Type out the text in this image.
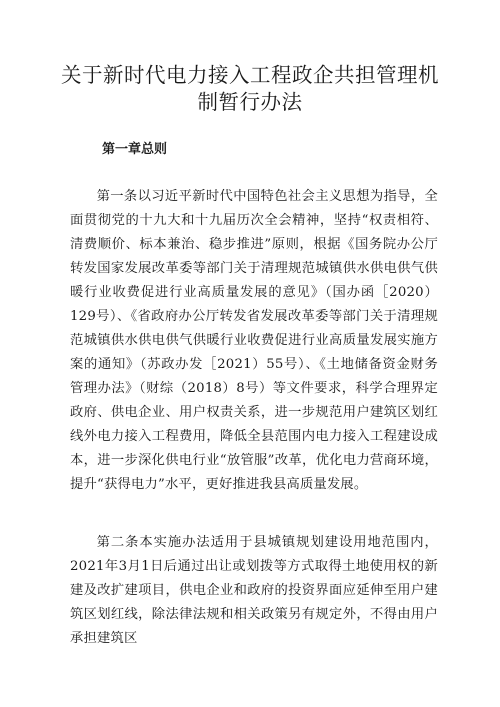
关于新时代电力接入工程政企共担管理机制暂行办法
第一章总则

第一条以习近平新时代中国特色社会主义思想为指导，全面贯彻党的十九大和十九届历次全会精神，坚持“权责相符、清费顺价、标本兼治、稳步推进”原则，根据《国务院办公厅转发国家发展改革委等部门关于清理规范城镇供水供电供气供暖行业收费促进行业高质量发展的意见》（国办函［2020）129号）、《省政府办公厅转发省发展改革委等部门关于清理规范城镇供水供电供气供暖行业收费促进行业高质量发展实施方案的通知》（苏政办发［2021）55号）、《土地储备资金财务管理办法》（财综（2018）8号）等文件要求，科学合理界定政府、供电企业、用户权责关系，进一步规范用户建筑区划红线外电力接入工程费用，降低全县范围内电力接入工程建设成本，进一步深化供电行业“放管服”改革，优化电力营商环境，提升“获得电力”水平，更好推进我县高质量发展。

第二条本实施办法适用于县城镇规划建设用地范围内，2021年3月1日后通过出让或划拨等方式取得土地使用权的新建及改扩建项目，供电企业和政府的投资界面应延伸至用户建筑区划红线，除法律法规和相关政策另有规定外，不得由用户承担建筑区
